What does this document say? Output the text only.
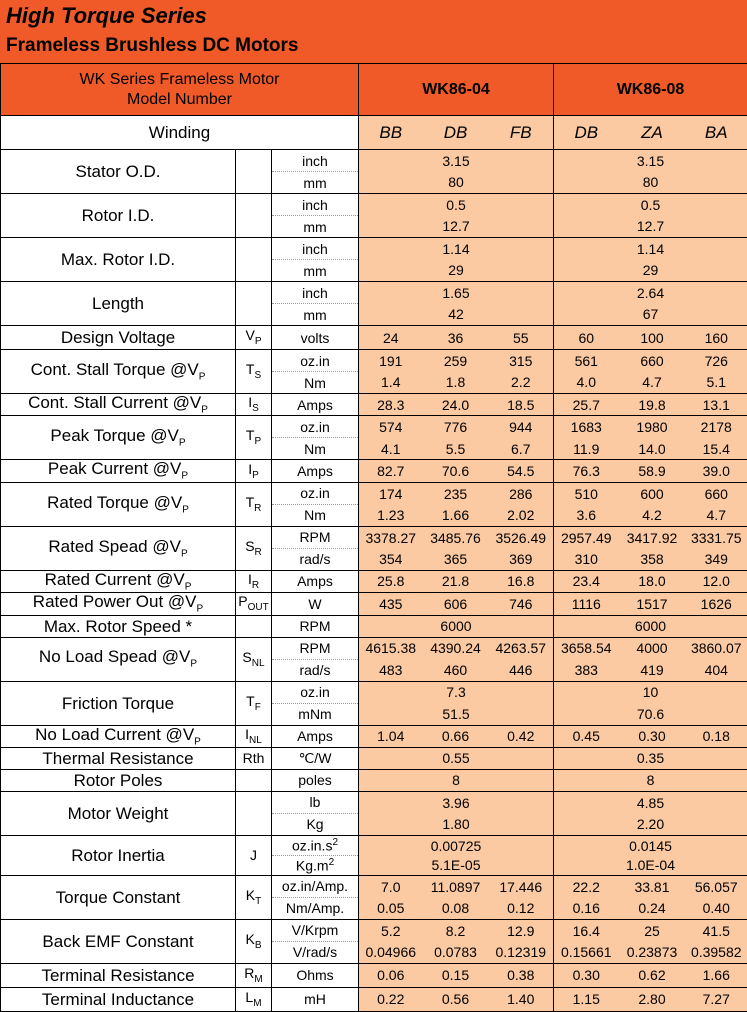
High Torque Series
Frameless Brushless DC Motors
WK Series Frameless Motor
Model Number			WK86-04			WK86-08		
Winding			BB	DB	FB	DB	ZA	BA
Stator O.D.		inch	3.15			3.15		
		mm	80			80		
Rotor I.D.		inch	0.5			0.5		
		mm	12.7			12.7		
Max. Rotor I.D.		inch	1.14			1.14		
		mm	29			29		
Length		inch	1.65			2.64		
		mm	42			67		
Design Voltage	$V_P$	volts	24	36	55	60	100	160
Cont. Stall Torque $@V_P$	$T_S$	oz.in	191	259	315	561	660	726
		Nm	1.4	1.8	2.2	4.0	4.7	5.1
Cont. Stall Current $@V_P$	$I_S$	Amps	28.3	24.0	18.5	25.7	19.8	13.1
Peak Torque $@V_P$	$T_P$	oz.in	574	776	944	1683	1980	2178
		Nm	4.1	5.5	6.7	11.9	14.0	15.4
Peak Current $@V_P$	$I_P$	Amps	82.7	70.6	54.5	76.3	58.9	39.0
Rated Torque $@V_P$	$T_R$	oz.in	174	235	286	510	600	660
		Nm	1.23	1.66	2.02	3.6	4.2	4.7
Rated Spead $@V_P$	$S_R$	RPM	3378.27	3485.76	3526.49	2957.49	3417.92	3331.75
		rad/s	354	365	369	310	358	349
Rated Current $@V_P$	$I_R$	Amps	25.8	21.8	16.8	23.4	18.0	12.0
Rated Power Out $@V_P$	$P_{OUT}$	W	435	606	746	1116	1517	1626
Max. Rotor Speed *		RPM	6000			6000		
No Load Spead $@V_P$	$S_{NL}$	RPM	4615.38	4390.24	4263.57	3658.54	4000	3860.07
		rad/s	483	460	446	383	419	404
Friction Torque	$T_F$	oz.in	7.3			10		
		mNm	51.5			70.6		
No Load Current $@V_P$	$I_{NL}$	Amps	1.04	0.66	0.42	0.45	0.30	0.18
Thermal Resistance	Rth	℃/W	0.55			0.35		
Rotor Poles		poles	8			8		
Motor Weight		lb	3.96			4.85		
		Kg	1.80			2.20		
Rotor Inertia	J	$oz.in.s^2$	0.00725			0.0145		
		$Kg.m^2$	5.1E-05			1.0E-04		
Torque Constant	$K_T$	oz.in/Amp.	7.0	11.0897	17.446	22.2	33.81	56.057
		Nm/Amp.	0.05	0.08	0.12	0.16	0.24	0.40
Back EMF Constant	$K_B$	V/Krpm	5.2	8.2	12.9	16.4	25	41.5
		V/rad/s	0.04966	0.0783	0.12319	0.15661	0.23873	0.39582
Terminal Resistance	$R_M$	Ohms	0.06	0.15	0.38	0.30	0.62	1.66
Terminal Inductance	$L_M$	mH	0.22	0.56	1.40	1.15	2.80	7.27
